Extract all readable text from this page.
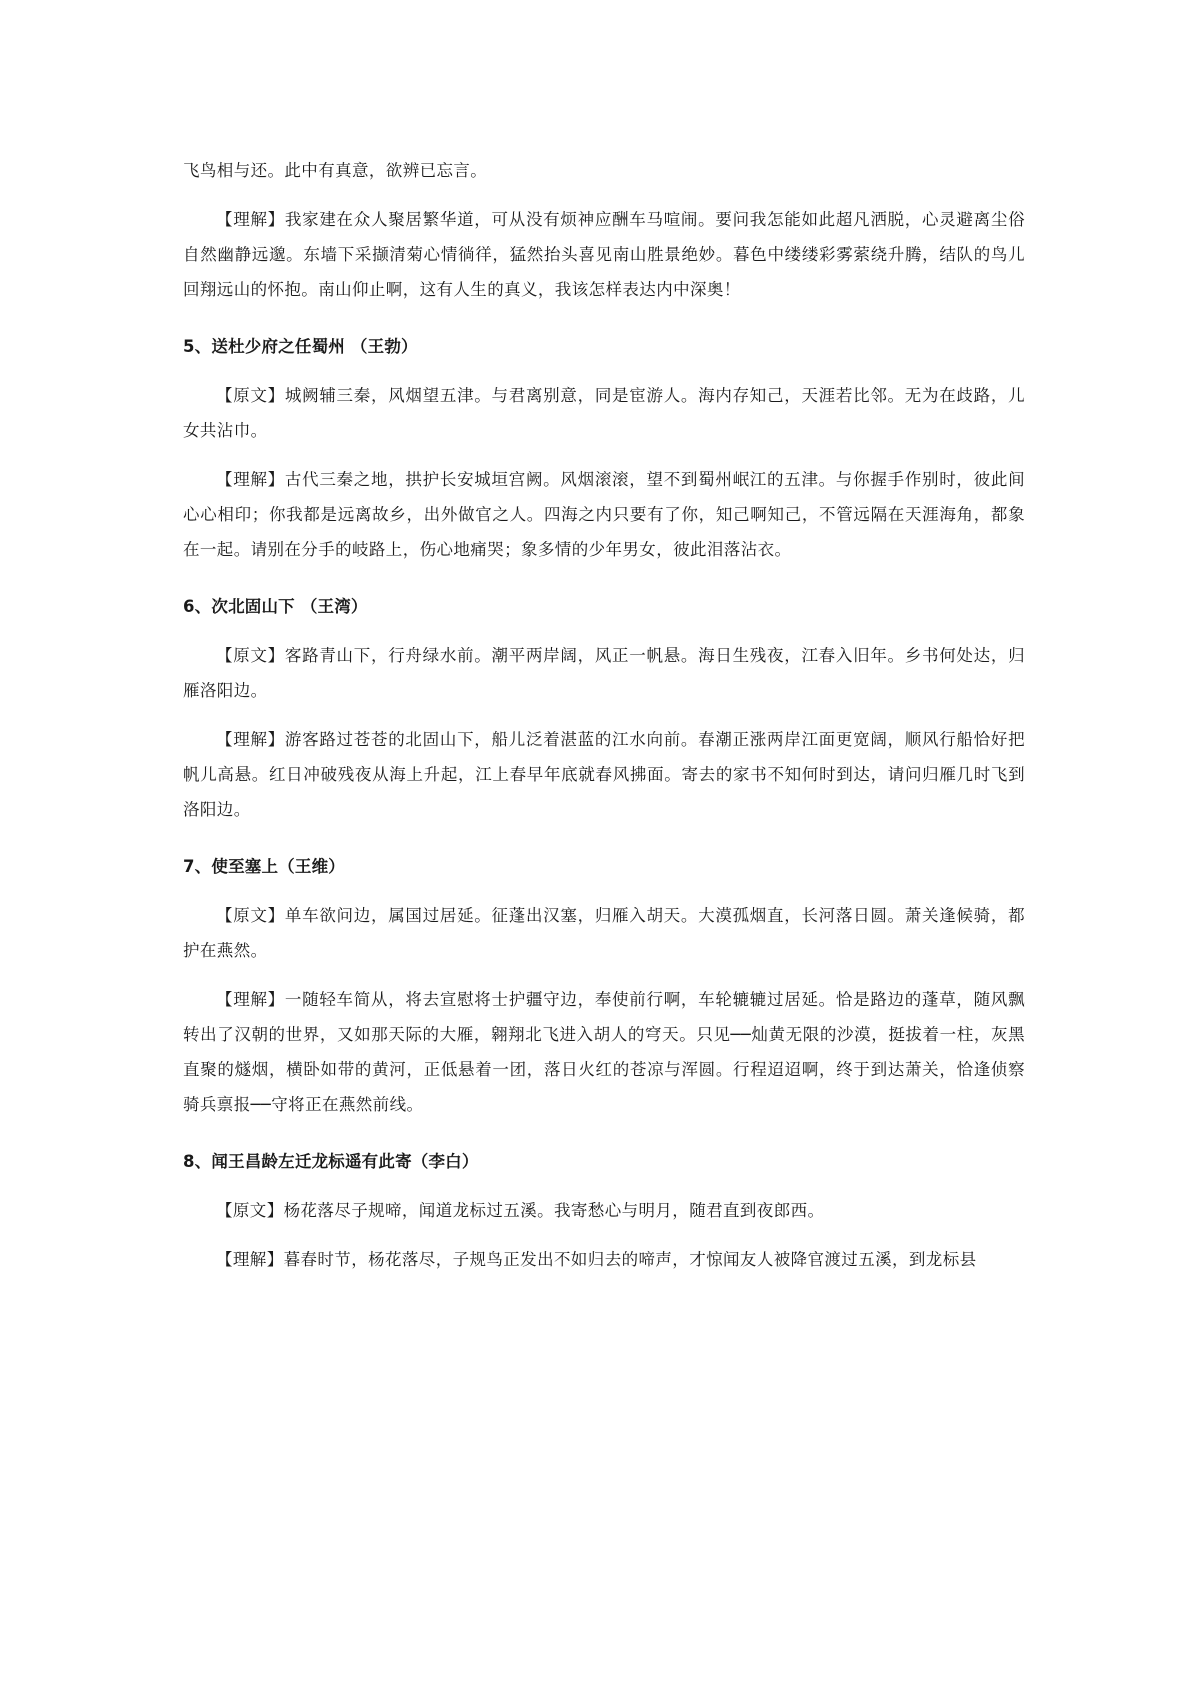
飞鸟相与还。此中有真意，欲辨已忘言。

【理解】我家建在众人聚居繁华道，可从没有烦神应酬车马喧闹。要问我怎能如此超凡洒脱，心灵避离尘俗自然幽静远邈。东墙下采撷清菊心情徜徉，猛然抬头喜见南山胜景绝妙。暮色中缕缕彩雾萦绕升腾，结队的鸟儿回翔远山的怀抱。南山仰止啊，这有人生的真义，我该怎样表达内中深奥！

5、送杜少府之任蜀州 （王勃）

【原文】城阙辅三秦，风烟望五津。与君离别意，同是宦游人。海内存知己，天涯若比邻。无为在歧路，儿女共沾巾。

【理解】古代三秦之地，拱护长安城垣宫阙。风烟滚滚，望不到蜀州岷江的五津。与你握手作别时，彼此间心心相印；你我都是远离故乡，出外做官之人。四海之内只要有了你，知己啊知己，不管远隔在天涯海角，都象在一起。请别在分手的岐路上，伤心地痛哭；象多情的少年男女，彼此泪落沾衣。

6、次北固山下 （王湾）

【原文】客路青山下，行舟绿水前。潮平两岸阔，风正一帆悬。海日生残夜，江春入旧年。乡书何处达，归雁洛阳边。

【理解】游客路过苍苍的北固山下，船儿泛着湛蓝的江水向前。春潮正涨两岸江面更宽阔，顺风行船恰好把帆儿高悬。红日冲破残夜从海上升起，江上春早年底就春风拂面。寄去的家书不知何时到达，请问归雁几时飞到洛阳边。

7、使至塞上（王维）

【原文】单车欲问边，属国过居延。征蓬出汉塞，归雁入胡天。大漠孤烟直，长河落日圆。萧关逢候骑，都护在燕然。

【理解】一随轻车简从，将去宣慰将士护疆守边，奉使前行啊，车轮辘辘过居延。恰是路边的蓬草，随风飘转出了汉朝的世界，又如那天际的大雁，翱翔北飞进入胡人的穹天。只见──灿黄无限的沙漠，挺拔着一柱，灰黑直聚的燧烟，横卧如带的黄河，正低悬着一团，落日火红的苍凉与浑圆。行程迢迢啊，终于到达萧关，恰逢侦察骑兵禀报──守将正在燕然前线。

8、闻王昌龄左迁龙标遥有此寄（李白）

【原文】杨花落尽子规啼，闻道龙标过五溪。我寄愁心与明月，随君直到夜郎西。

【理解】暮春时节，杨花落尽，子规鸟正发出不如归去的啼声，才惊闻友人被降官渡过五溪，到龙标县
